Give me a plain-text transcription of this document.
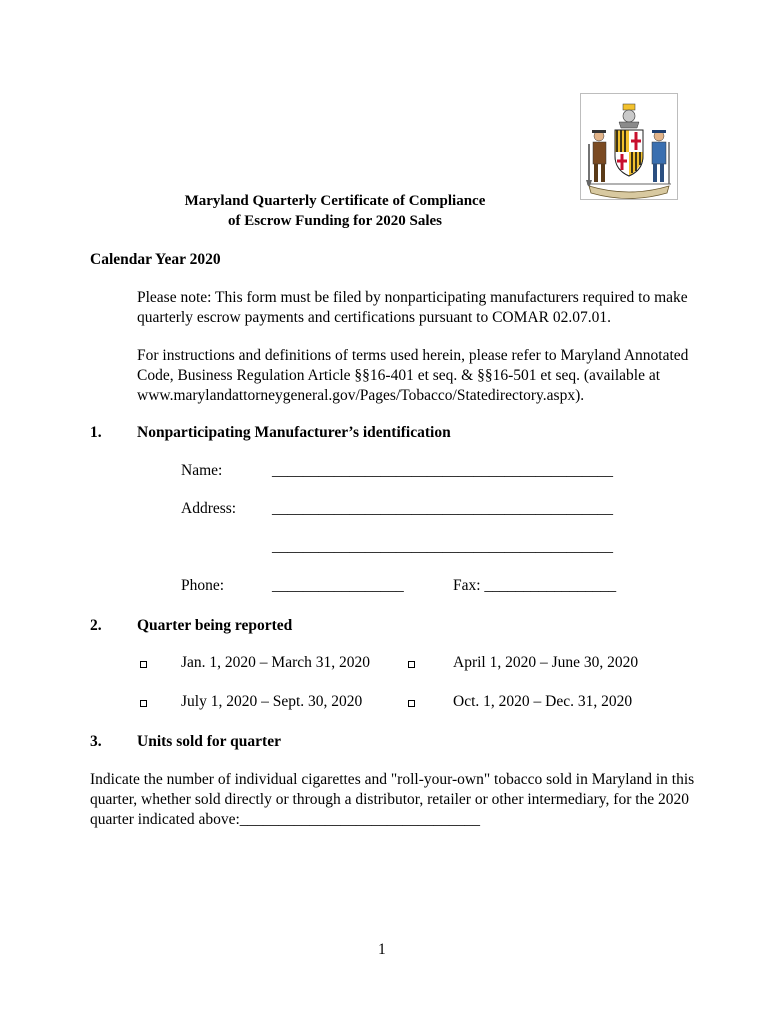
Maryland Quarterly Certificate of Compliance
of Escrow Funding for 2020 Sales
Calendar Year 2020
Please note: This form must be filed by nonparticipating manufacturers required to make quarterly escrow payments and certifications pursuant to COMAR 02.07.01.
For instructions and definitions of terms used herein, please refer to Maryland Annotated Code, Business Regulation Article §§16-401 et seq. & §§16-501 et seq. (available at www.marylandattorneygeneral.gov/Pages/Tobacco/Statedirectory.aspx).
1. Nonparticipating Manufacturer’s identification
Name:	____________________________________________
Address: ____________________________________________
____________________________________________
Phone:	_________________	Fax: _________________
2. Quarter being reported
Jan. 1, 2020 – March 31, 2020	April 1, 2020 – June 30, 2020
July 1, 2020 – Sept. 30, 2020	Oct. 1, 2020 – Dec. 31, 2020
3. Units sold for quarter
Indicate the number of individual cigarettes and "roll-your-own" tobacco sold in Maryland in this quarter, whether sold directly or through a distributor, retailer or other intermediary, for the 2020 quarter indicated above:_______________________________
1
